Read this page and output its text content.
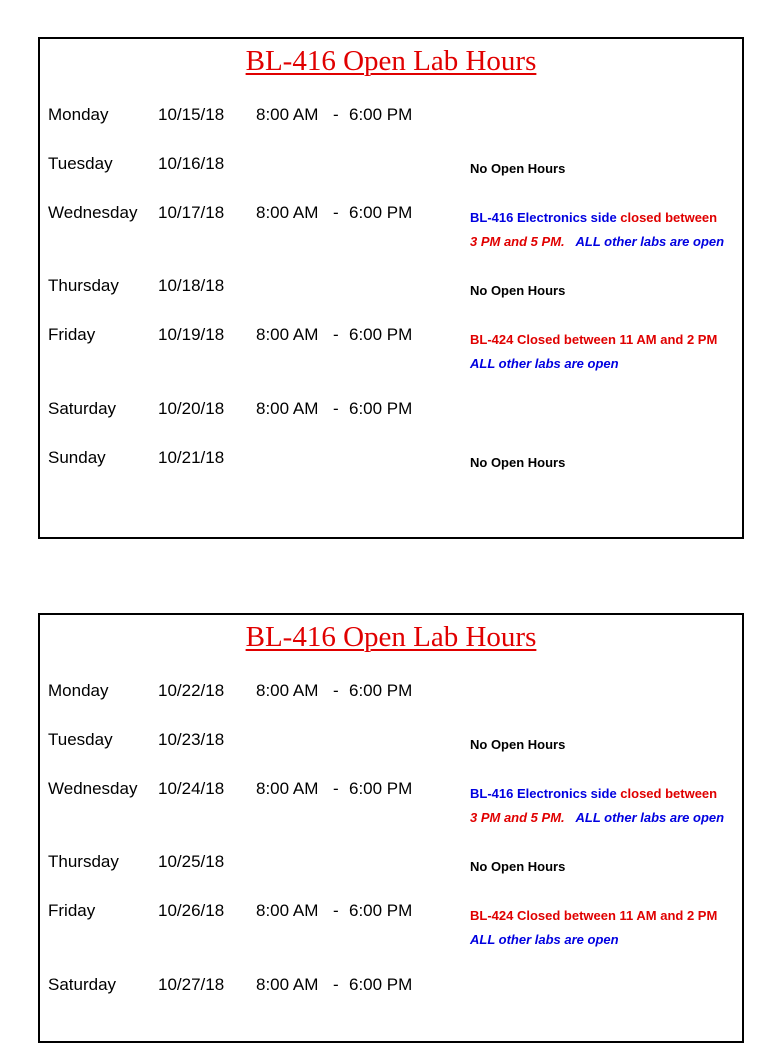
BL-416 Open Lab Hours
Monday	10/15/18 8:00 AM - 6:00 PM
Tuesday	10/16/18	No Open Hours
Wednesday 10/17/18 8:00 AM - 6:00 PM	BL-416 Electronics side closed between
3 PM and 5 PM. ALL other labs are open
Thursday 10/18/18	No Open Hours
Friday	10/19/18 8:00 AM - 6:00 PM	BL-424 Closed between 11 AM and 2 PM
ALL other labs are open
Saturday 10/20/18 8:00 AM - 6:00 PM
Sunday	10/21/18	No Open Hours
BL-416 Open Lab Hours
Monday	10/22/18 8:00 AM - 6:00 PM
Tuesday	10/23/18	No Open Hours
Wednesday 10/24/18 8:00 AM - 6:00 PM	BL-416 Electronics side closed between
3 PM and 5 PM. ALL other labs are open
Thursday 10/25/18	No Open Hours
Friday	10/26/18 8:00 AM - 6:00 PM	BL-424 Closed between 11 AM and 2 PM
ALL other labs are open
Saturday 10/27/18 8:00 AM - 6:00 PM
